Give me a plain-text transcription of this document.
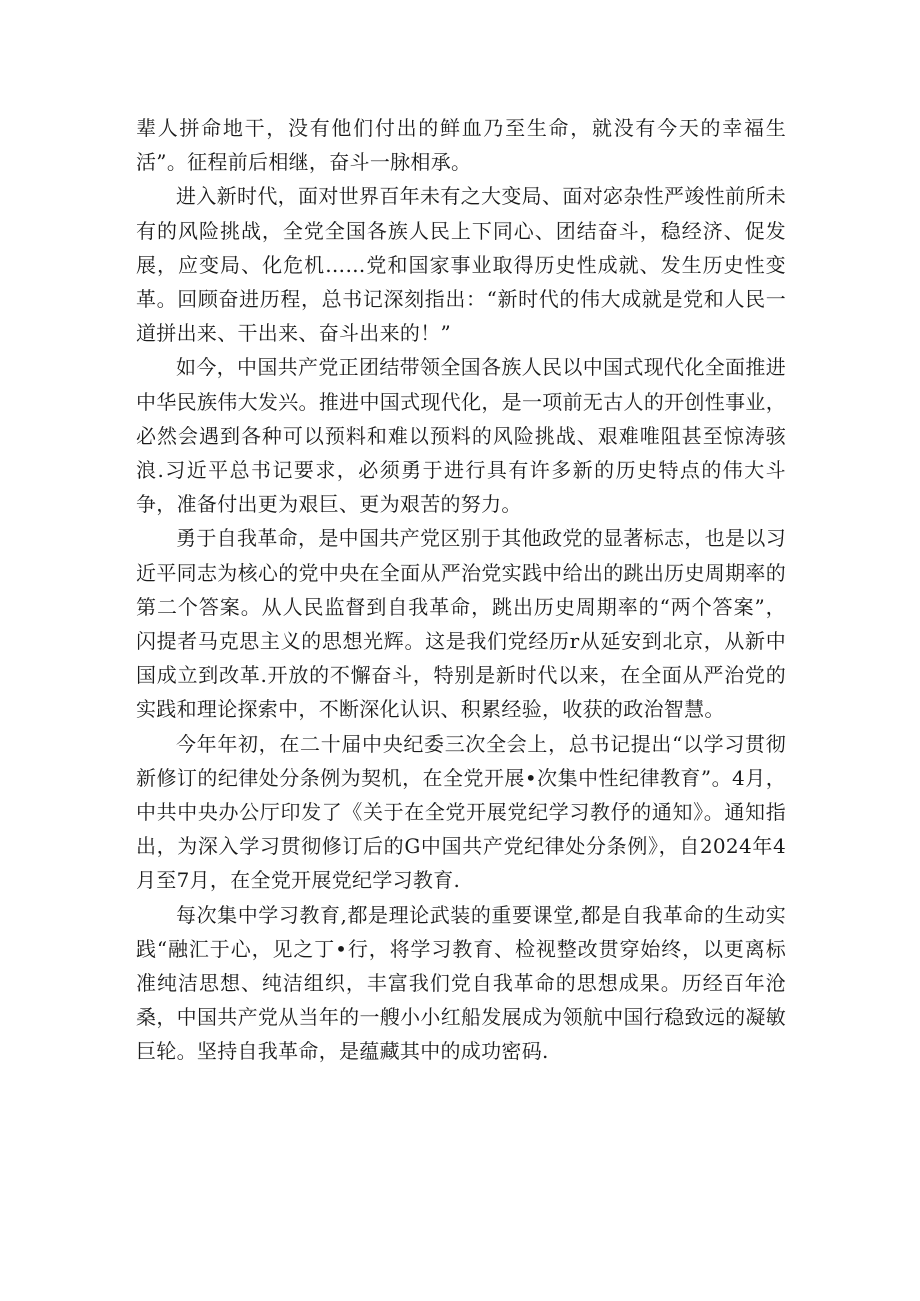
辈人拼命地干，没有他们付出的鲜血乃至生命，就没有今天的幸福生活”。征程前后相继，奋斗一脉相承。

进入新时代，面对世界百年未有之大变局、面对宓杂性严竣性前所未有的风险挑战，全党全国各族人民上下同心、团结奋斗，稳经济、促发展，应变局、化危机……党和国家事业取得历史性成就、发生历史性变革。回顾奋进历程，总书记深刻指出：“新时代的伟大成就是党和人民一道拼出来、干出来、奋斗出来的！”

如今，中国共产党正团结带领全国各族人民以中国式现代化全面推进中华民族伟大发兴。推进中国式现代化，是一项前无古人的开创性事业，必然会遇到各种可以预料和难以预料的风险挑战、艰难唯阻甚至惊涛骇浪.习近平总书记要求，必须勇于进行具有许多新的历史特点的伟大斗争，准备付出更为艰巨、更为艰苦的努力。

勇于自我革命，是中国共产党区别于其他政党的显著标志，也是以习近平同志为核心的党中央在全面从严治党实践中给出的跳出历史周期率的第二个答案。从人民监督到自我革命，跳出历史周期率的“两个答案”，闪提者马克思主义的思想光辉。这是我们党经历r从延安到北京，从新中国成立到改革.开放的不懈奋斗，特别是新时代以来，在全面从严治党的实践和理论探索中，不断深化认识、积累经验，收获的政治智慧。

今年年初，在二十届中央纪委三次全会上，总书记提出“以学习贯彻新修订的纪律处分条例为契机，在全党开展•次集中性纪律教育”。4月，中共中央办公厅印发了《关于在全党开展党纪学习教伃的通知》。通知指出，为深入学习贯彻修订后的G中国共产党纪律处分条例》，自2024年4月至7月，在全党开展党纪学习教育.

每次集中学习教育,都是理论武装的重要课堂,都是自我革命的生动实践“融汇于心，见之丁•行，将学习教育、检视整改贯穿始终，以更离标准纯洁思想、纯洁组织，丰富我们党自我革命的思想成果。历经百年沧桑，中国共产党从当年的一艘小小红船发展成为领航中国行稳致远的凝敏巨轮。坚持自我革命，是蕴藏其中的成功密码.
